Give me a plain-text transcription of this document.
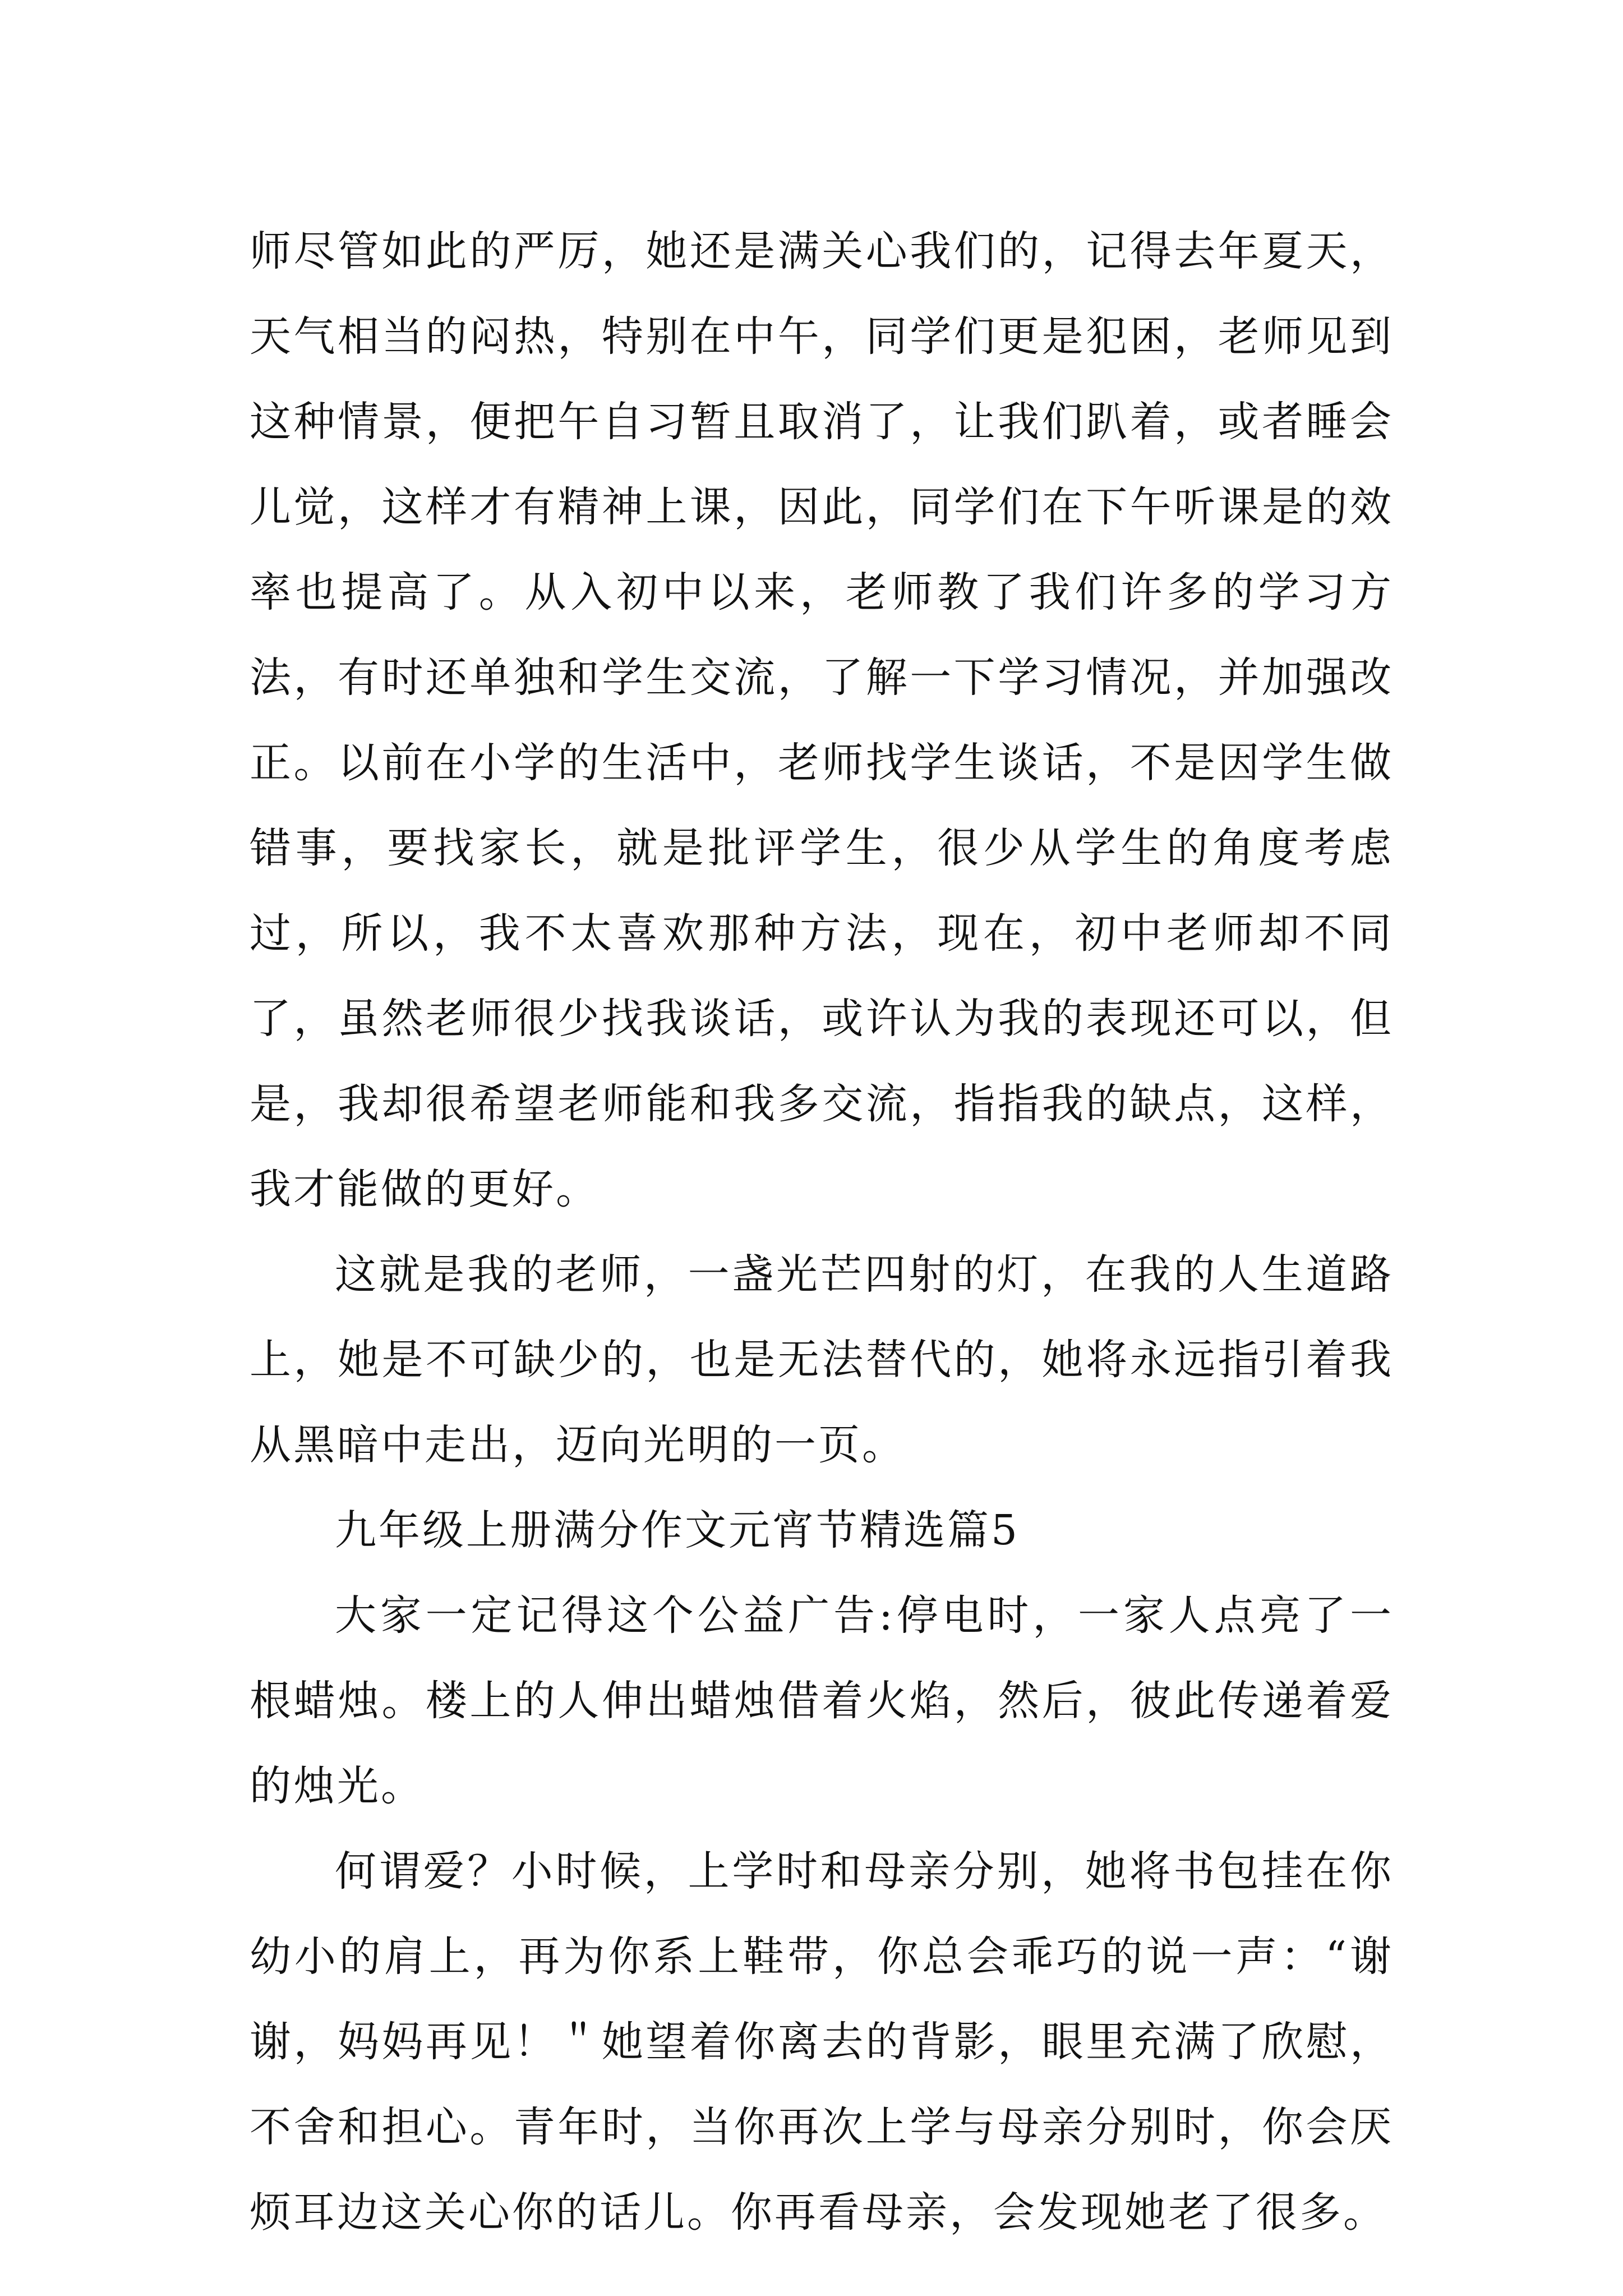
师尽管如此的严厉，她还是满关心我们的，记得去年夏天，天气相当的闷热，特别在中午，同学们更是犯困，老师见到这种情景，便把午自习暂且取消了，让我们趴着，或者睡会儿觉，这样才有精神上课，因此，同学们在下午听课是的效率也提高了。从入初中以来，老师教了我们许多的学习方法，有时还单独和学生交流，了解一下学习情况，并加强改正。以前在小学的生活中，老师找学生谈话，不是因学生做错事，要找家长，就是批评学生，很少从学生的角度考虑过，所以，我不太喜欢那种方法，现在，初中老师却不同了，虽然老师很少找我谈话，或许认为我的表现还可以，但是，我却很希望老师能和我多交流，指指我的缺点，这样，我才能做的更好。

这就是我的老师，一盏光芒四射的灯，在我的人生道路上，她是不可缺少的，也是无法替代的，她将永远指引着我从黑暗中走出，迈向光明的一页。

九年级上册满分作文元宵节精选篇5

大家一定记得这个公益广告:停电时，一家人点亮了一根蜡烛。楼上的人伸出蜡烛借着火焰，然后，彼此传递着爱的烛光。

何谓爱？小时候，上学时和母亲分别，她将书包挂在你幼小的肩上，再为你系上鞋带，你总会乖巧的说一声：“谢谢，妈妈再见！＂她望着你离去的背影，眼里充满了欣慰，不舍和担心。青年时，当你再次上学与母亲分别时，你会厌烦耳边这关心你的话儿。你再看母亲，会发现她老了很多。
